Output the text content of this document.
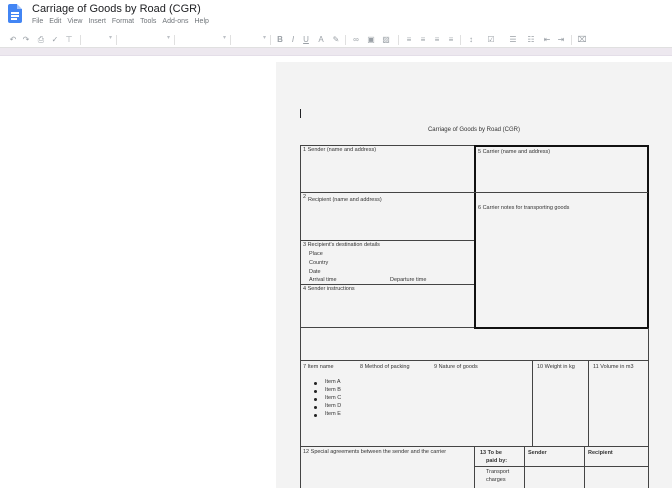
Carriage of Goods by Road (CGR)
File Edit View Insert Format Tools Add-ons Help
↶ ↷ ⎙ ✓ ⊤ ▾ ▾ ▾ ▾	B	I	U A ✎ ∞ ▣ ▨	≡	≡	≡	≡	↕	☑ ☰ ☷ ⇤ ⇥ ⌧
Carriage of Goods by Road (CGR)
1 Sender (name and address)
2 Recipient (name and address)
3 Recipient's destination details
Place
Country
Date
Arrival time	Departure time
4 Sender instructions
5 Carrier (name and address)
6 Carrier notes for transporting goods
7 Item name	8 Method of packing	9 Nature of goods	10 Weight in kg	11 Volume in m3
Item A
Item B
Item C
Item D
Item E
12 Special agreements between the sender and the carrier	13 To be
paid by:
Sender	Recipient
Transport
charges
